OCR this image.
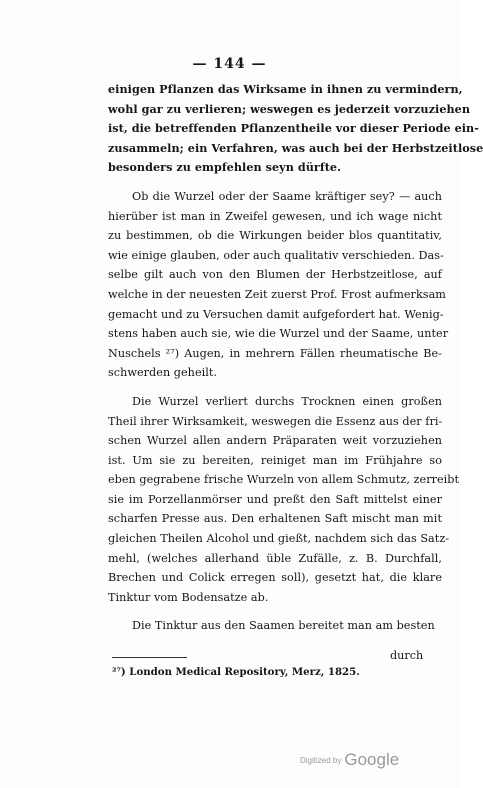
— 144 —
einigen Pflanzen das Wirksame in ihnen zu vermindern,
wohl gar zu verlieren; weswegen es jederzeit vorzuziehen
ist, die betreffenden Pflanzentheile vor dieser Periode ein-
zusammeln; ein Verfahren, was auch bei der Herbstzeitlose
besonders zu empfehlen seyn dürfte.
Ob die Wurzel oder der Saame kräftiger sey? — auch
hierüber ist man in Zweifel gewesen, und ich wage nicht
zu bestimmen, ob die Wirkungen beider blos quantitativ,
wie einige glauben, oder auch qualitativ verschieden. Das-
selbe gilt auch von den Blumen der Herbstzeitlose, auf
welche in der neuesten Zeit zuerst Prof. Frost aufmerksam
gemacht und zu Versuchen damit aufgefordert hat. Wenig-
stens haben auch sie, wie die Wurzel und der Saame, unter
Nuschels ²⁷) Augen, in mehrern Fällen rheumatische Be-
schwerden geheilt.
Die Wurzel verliert durchs Trocknen einen großen
Theil ihrer Wirksamkeit, weswegen die Essenz aus der fri-
schen Wurzel allen andern Präparaten weit vorzuziehen
ist. Um sie zu bereiten, reiniget man im Frühjahre so
eben gegrabene frische Wurzeln von allem Schmutz, zerreibt
sie im Porzellanmörser und preßt den Saft mittelst einer
scharfen Presse aus. Den erhaltenen Saft mischt man mit
gleichen Theilen Alcohol und gießt, nachdem sich das Satz-
mehl, (welches allerhand üble Zufälle, z. B. Durchfall,
Brechen und Colick erregen soll), gesetzt hat, die klare
Tinktur vom Bodensatze ab.
Die Tinktur aus den Saamen bereitet man am besten
durch
²⁷) London Medical Repository, Merz, 1825.
Digitized by Google
